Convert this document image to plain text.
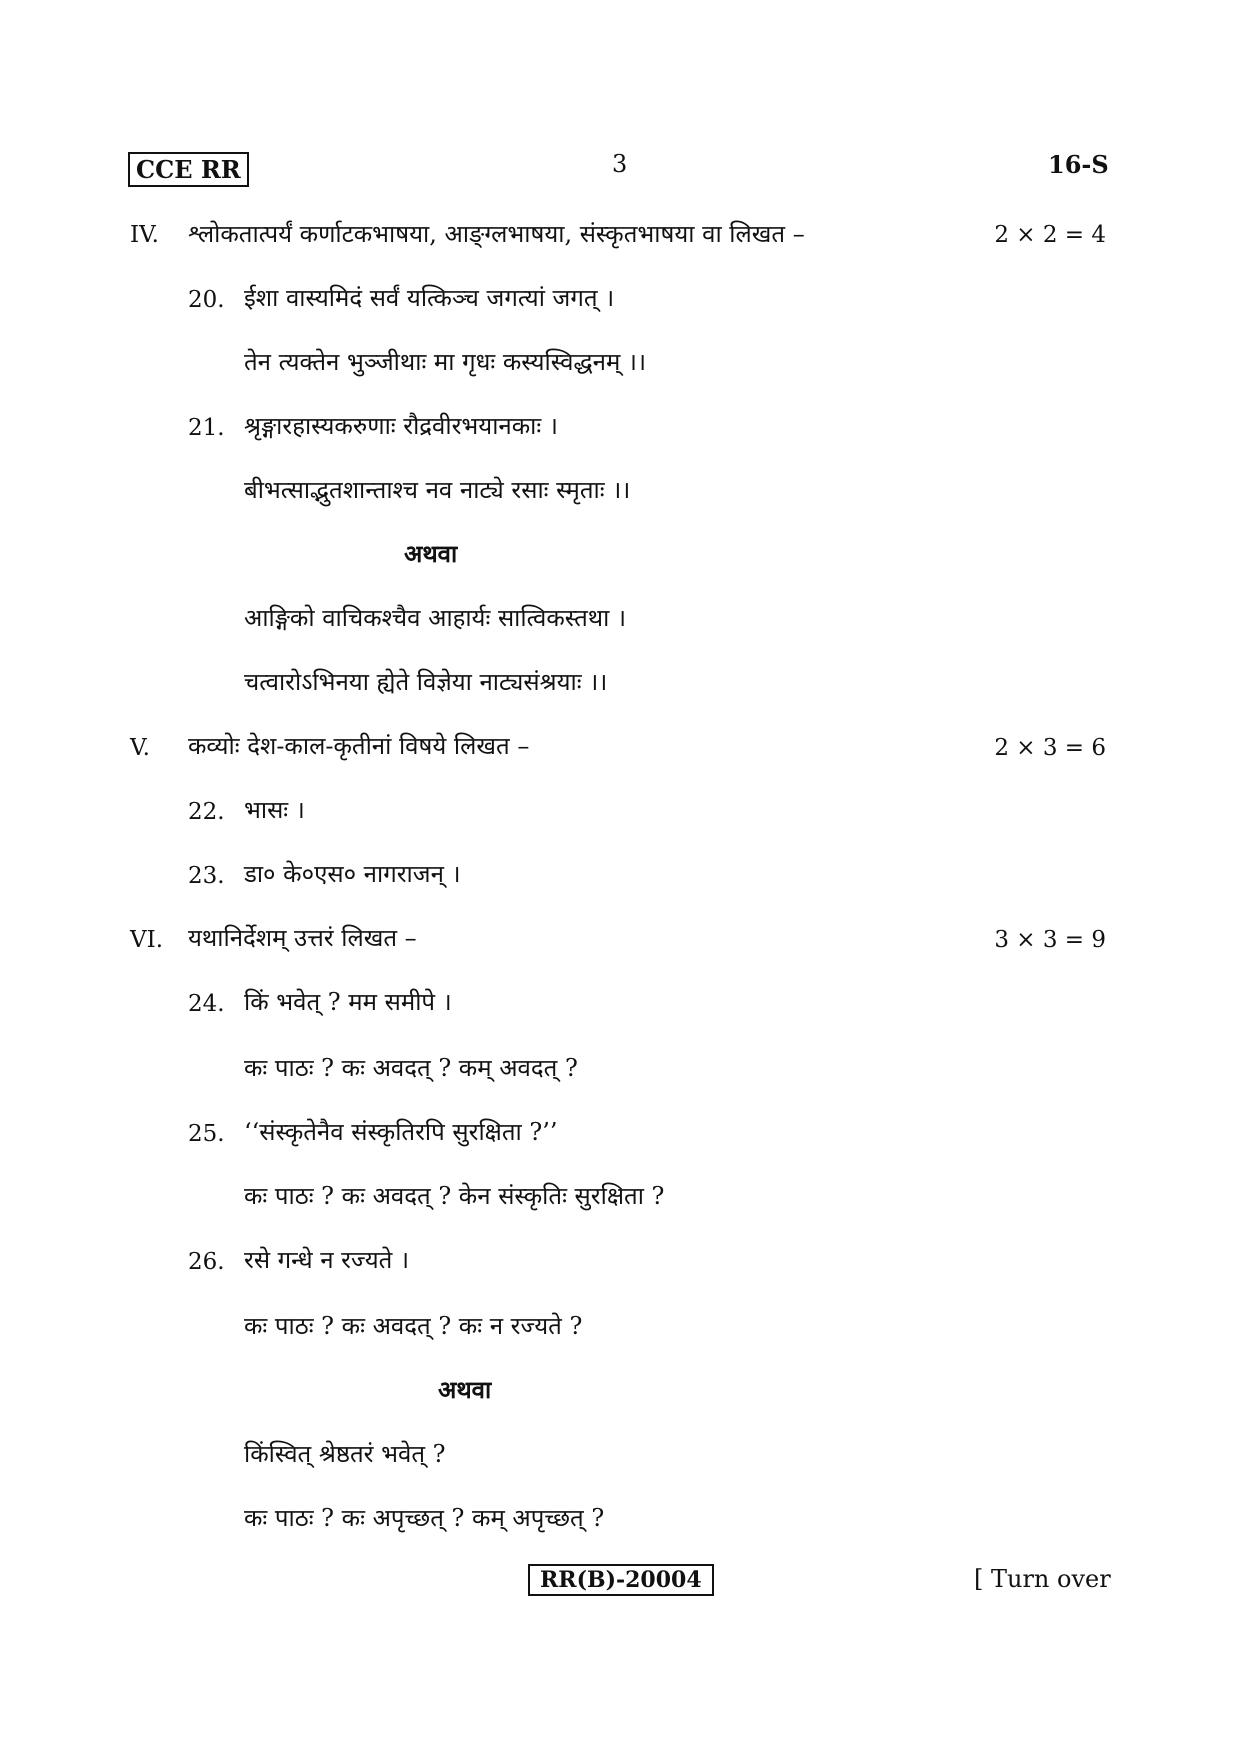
CCE RR	3	16-S
IV. श्लोकतात्पर्यं कर्णाटकभाषया, आङ्ग्लभाषया, संस्कृतभाषया वा लिखत –	2 × 2 = 4
20. ईशा वास्यमिदं सर्वं यत्किञ्च जगत्यां जगत् ।
तेन त्यक्तेन भुञ्जीथाः मा गृधः कस्यस्विद्धनम् ।।
21. श्रृङ्गारहास्यकरुणाः रौद्रवीरभयानकाः ।
बीभत्साद्भुतशान्ताश्च नव नाट्ये रसाः स्मृताः ।।
अथवा
आङ्गिको वाचिकश्चैव आहार्यः सात्विकस्तथा ।
चत्वारोऽभिनया ह्येते विज्ञेया नाट्यसंश्रयाः ।।
V. कव्योः देश-काल-कृतीनां विषये लिखत –	2 × 3 = 6
22. भासः ।
23. डा० के०एस० नागराजन् ।
VI. यथानिर्देशम् उत्तरं लिखत –	3 × 3 = 9
24. किं भवेत् ? मम समीपे ।
कः पाठः ? कः अवदत् ? कम् अवदत् ?
25. ‘‘संस्कृतेनैव संस्कृतिरपि सुरक्षिता ?’’
कः पाठः ? कः अवदत् ? केन संस्कृतिः सुरक्षिता ?
26. रसे गन्धे न रज्यते ।
कः पाठः ? कः अवदत् ? कः न रज्यते ?
अथवा
किंस्वित् श्रेष्ठतरं भवेत् ?
कः पाठः ? कः अपृच्छत् ? कम् अपृच्छत् ?
RR(B)-20004	[ Turn over
